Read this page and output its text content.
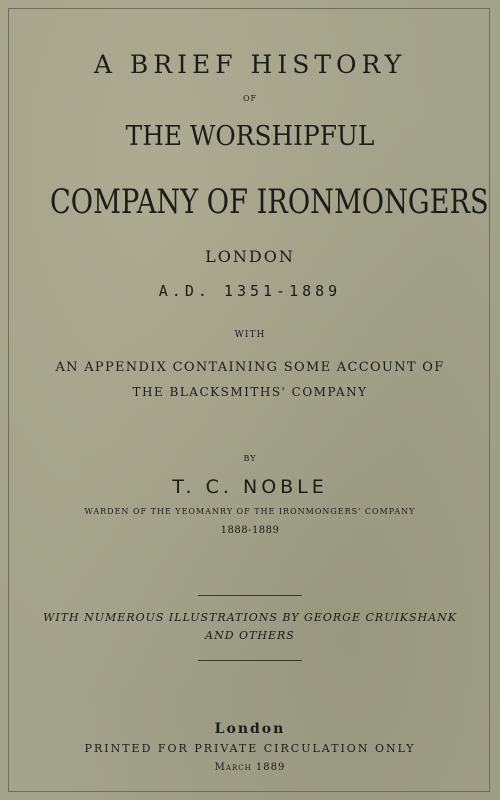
A BRIEF HISTORY
OF
THE WORSHIPFUL
COMPANY OF IRONMONGERS
LONDON
A.D. 1351-1889
WITH
AN APPENDIX CONTAINING SOME ACCOUNT OF
THE BLACKSMITHS' COMPANY
BY
T. C. NOBLE
WARDEN OF THE YEOMANRY OF THE IRONMONGERS' COMPANY
1888-1889
WITH NUMEROUS ILLUSTRATIONS BY GEORGE CRUIKSHANK
AND OTHERS
London
PRINTED FOR PRIVATE CIRCULATION ONLY
March 1889
